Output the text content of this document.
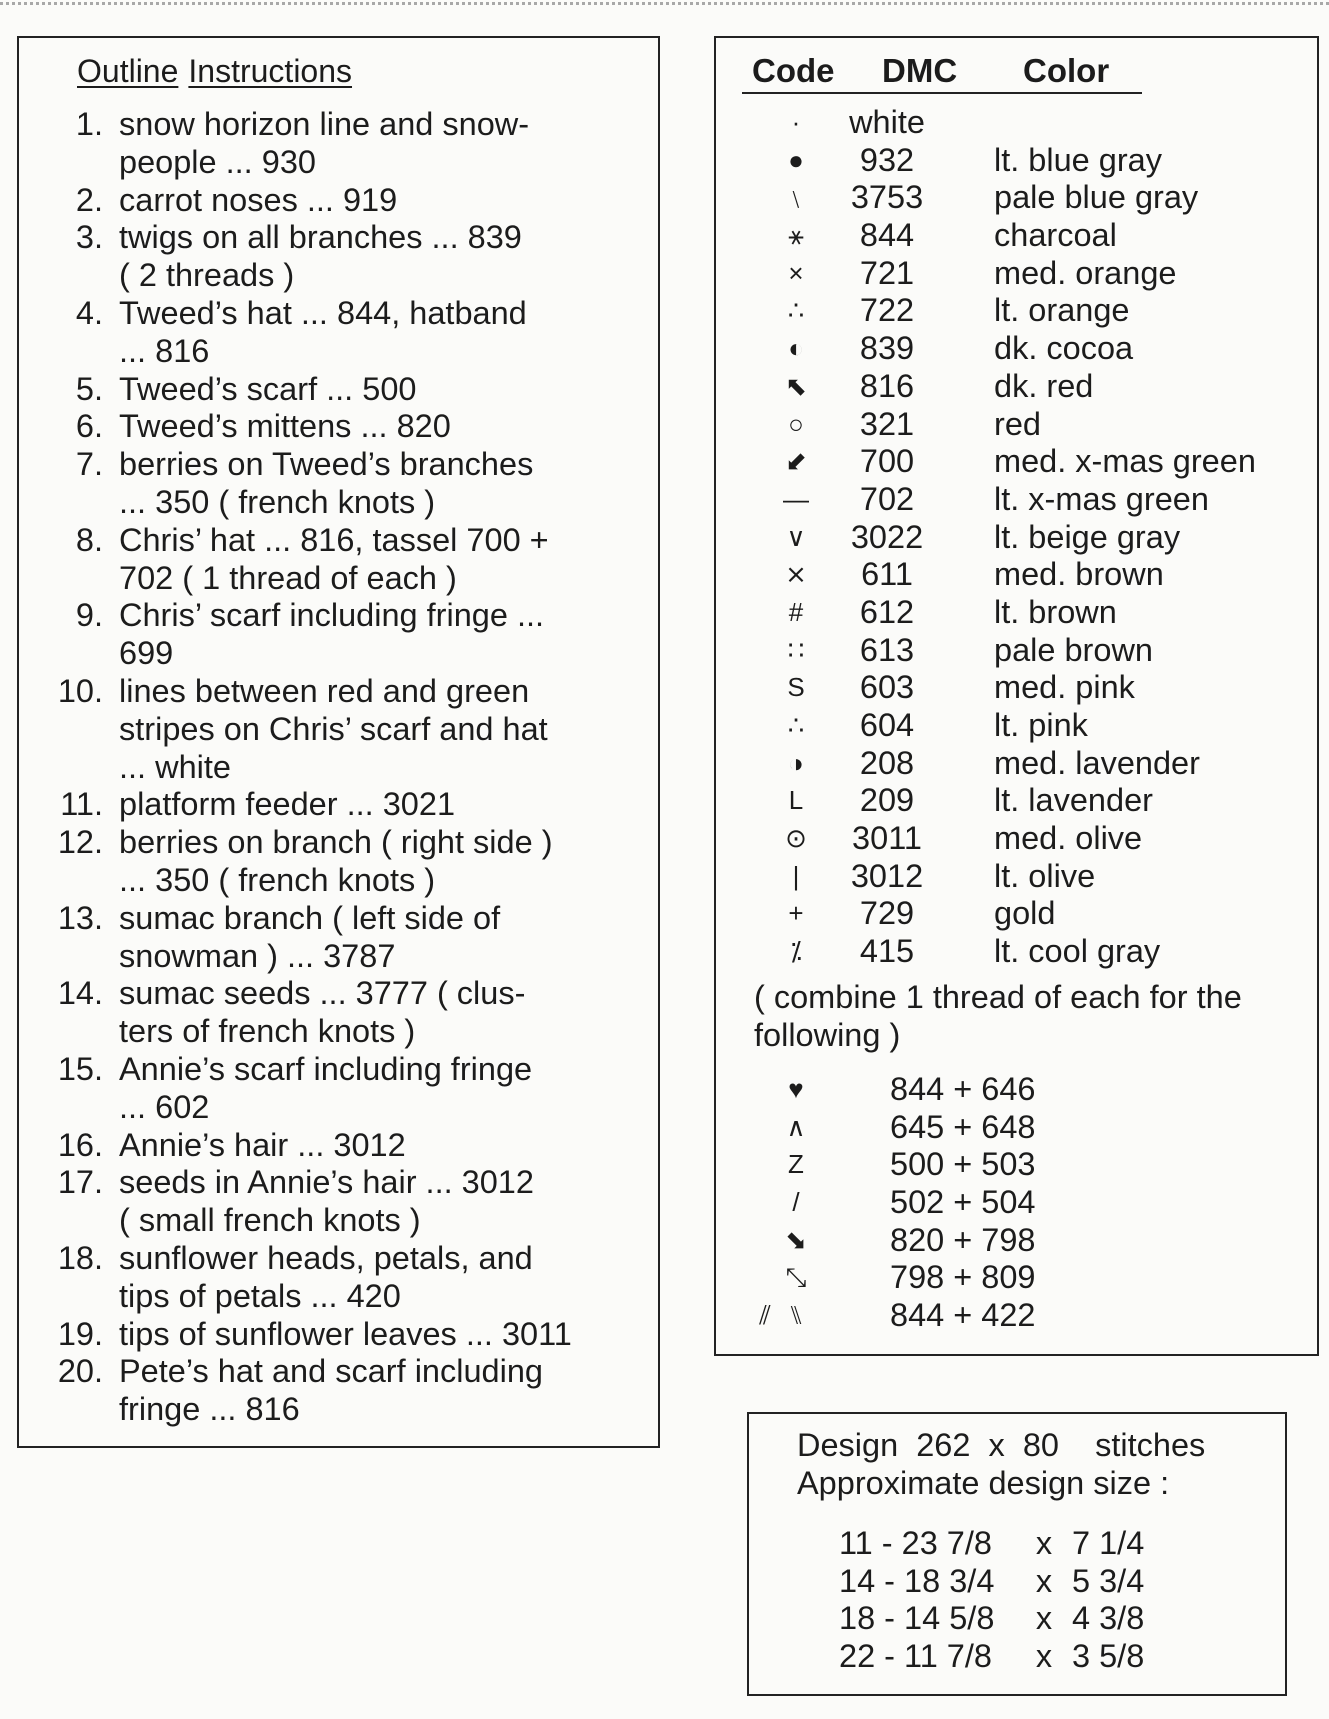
Outline Instructions
1. snow horizon line and snow-
people ... 930
2. carrot noses ... 919
3. twigs on all branches ... 839
( 2 threads )
4. Tweed’s hat ... 844, hatband
... 816
5. Tweed’s scarf ... 500
6. Tweed’s mittens ... 820
7. berries on Tweed’s branches
... 350 ( french knots )
8. Chris’ hat ... 816, tassel 700 +
702 ( 1 thread of each )
9. Chris’ scarf including fringe ...
699
10. lines between red and green
stripes on Chris’ scarf and hat
... white
11. platform feeder ... 3021
12. berries on branch ( right side )
... 350 ( french knots )
13. sumac branch ( left side of
snowman ) ... 3787
14. sumac seeds ... 3777 ( clus-
ters of french knots )
15. Annie’s scarf including fringe
... 602
16. Annie’s hair ... 3012
17. seeds in Annie’s hair ... 3012
( small french knots )
18. sunflower heads, petals, and
tips of petals ... 420
19. tips of sunflower leaves ... 3011
20. Pete’s hat and scarf including
fringe ... 816
Code DMC Color
·	white
●	932	lt. blue gray
﹨	3753	pale blue gray
⚹	844	charcoal
×	721	med. orange
∴	722	lt. orange
◐	839	dk. cocoa
⬉	816	dk. red
○	321	red
⬋	700	med. x-mas green
—	702	lt. x-mas green
∨	3022	lt. beige gray
⨯	611	med. brown
#	612	lt. brown
∷	613	pale brown
S	603	med. pink
∴	604	lt. pink
◑	208	med. lavender
L	209	lt. lavender
⊙	3011	med. olive
|	3012	lt. olive
+	729	gold
⁒	415	lt. cool gray
( combine 1 thread of each for the
following )
♥	844 + 646
∧	645 + 648
Z	500 + 503
/	502 + 504
⬊	820 + 798
⤡	798 + 809
⫽ ⑊	844 + 422
Design  262  x  80    stitches
Approximate design size :
11 - 23 7/8 x 7 1/4
14 - 18 3/4 x 5 3/4
18 - 14 5/8 x 4 3/8
22 - 11 7/8 x 3 5/8
